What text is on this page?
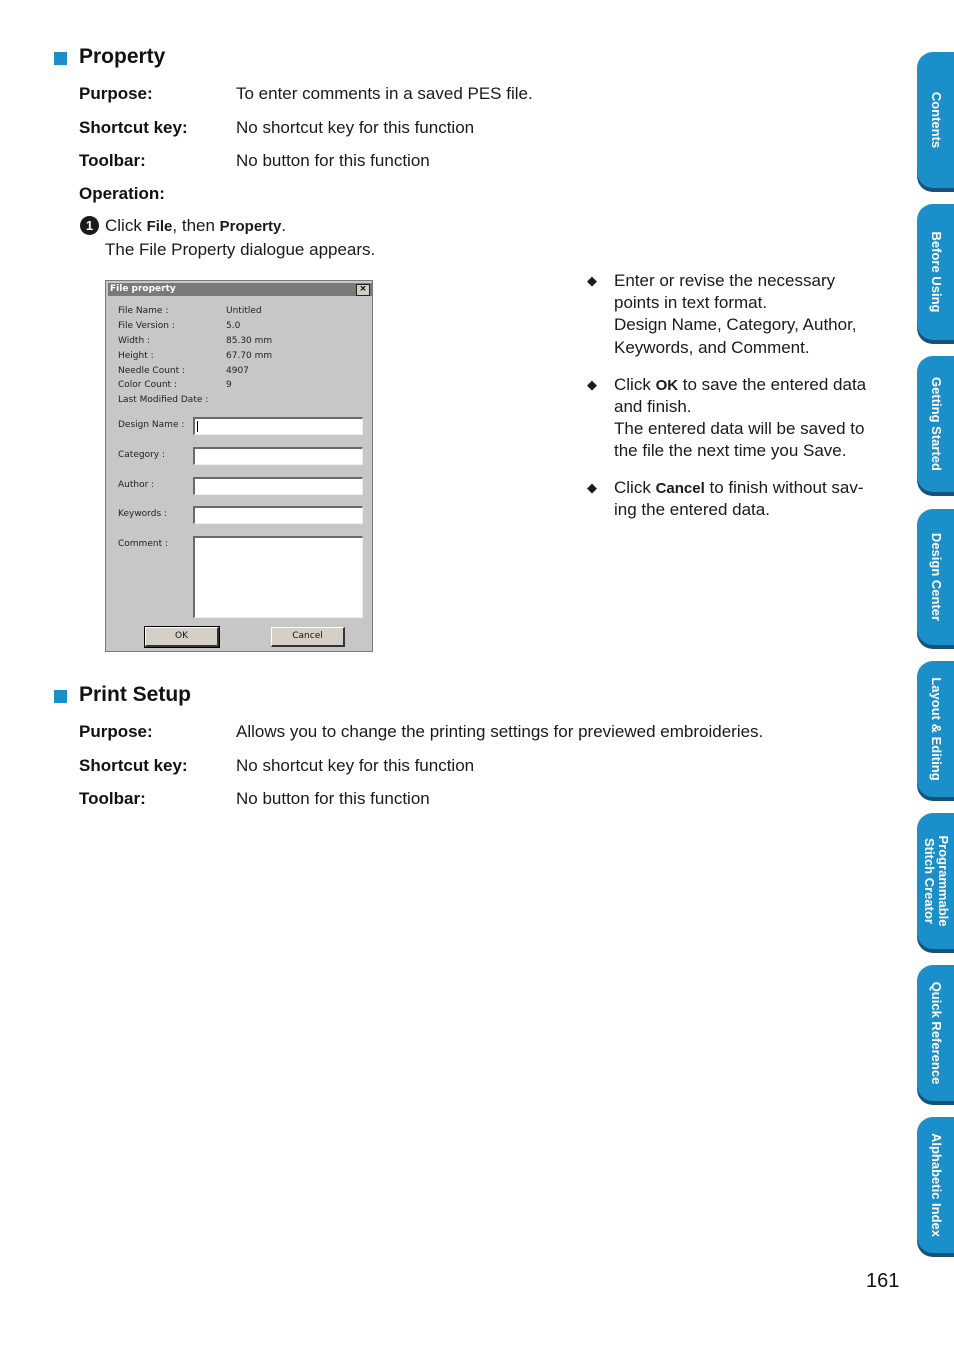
Property
Purpose:	To enter comments in a saved PES file.
Shortcut key:	No shortcut key for this function
Toolbar:	No button for this function
Operation:
1 Click File, then Property.
The File Property dialogue appears.
File property	×
File Name :	Untitled
File Version :	5.0
Width :	85.30 mm
Height :	67.70 mm
Needle Count :	4907
Color Count :	9
Last Modified Date :
Design Name :
Category :
Author :
Keywords :
Comment :
OK	Cancel
◆ Enter or revise the necessary
points in text format.
Design Name, Category, Author,
Keywords, and Comment.
◆ Click OK to save the entered data
and finish.
The entered data will be saved to
the file the next time you Save.
◆ Click Cancel to finish without sav-
ing the entered data.
Print Setup
Purpose:	Allows you to change the printing settings for previewed embroideries.
Shortcut key:	No shortcut key for this function
Toolbar:	No button for this function
Contents
Before Using
Getting Started
Design Center
Layout & Editing
Programmable
Stitch Creator
Quick Reference
Alphabetic Index
161
